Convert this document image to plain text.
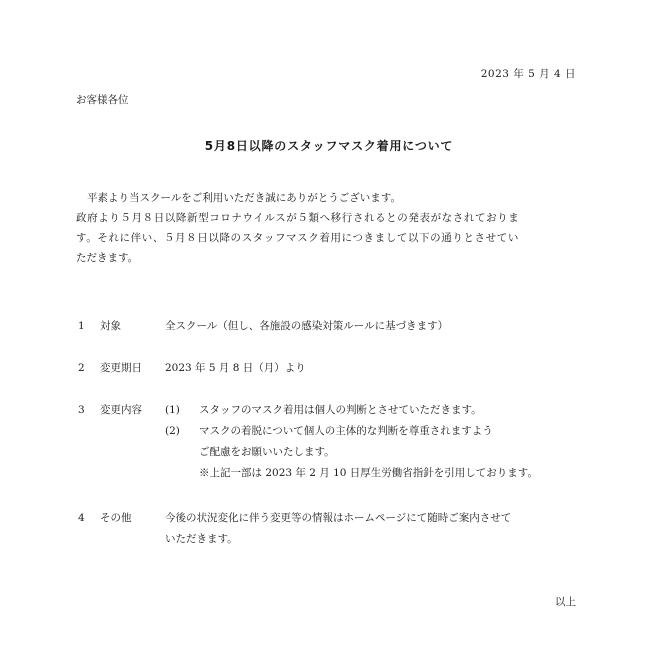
2023 年 5 月 4 日
お客様各位
5月8日以降のスタッフマスク着用について

平素より当スクールをご利用いただき誠にありがとうございます。

政府より５月８日以降新型コロナウイルスが５類へ移行されるとの発表がなされておりま

す。それに伴い、５月８日以降のスタッフマスク着用につきまして以下の通りとさせてい

ただきます。

1	対象	全スクール（但し、各施設の感染対策ルールに基づきます）
2	変更期日 2023 年 5 月 8 日（月）より
3	変更内容 (1)	スタッフのマスク着用は個人の判断とさせていただきます。
(2)	マスクの着脱について個人の主体的な判断を尊重されますよう
ご配慮をお願いいたします。
※上記一部は 2023 年 2 月 10 日厚生労働省指針を引用しております。
4	その他	今後の状況変化に伴う変更等の情報はホームページにて随時ご案内させて
いただきます。
以上
